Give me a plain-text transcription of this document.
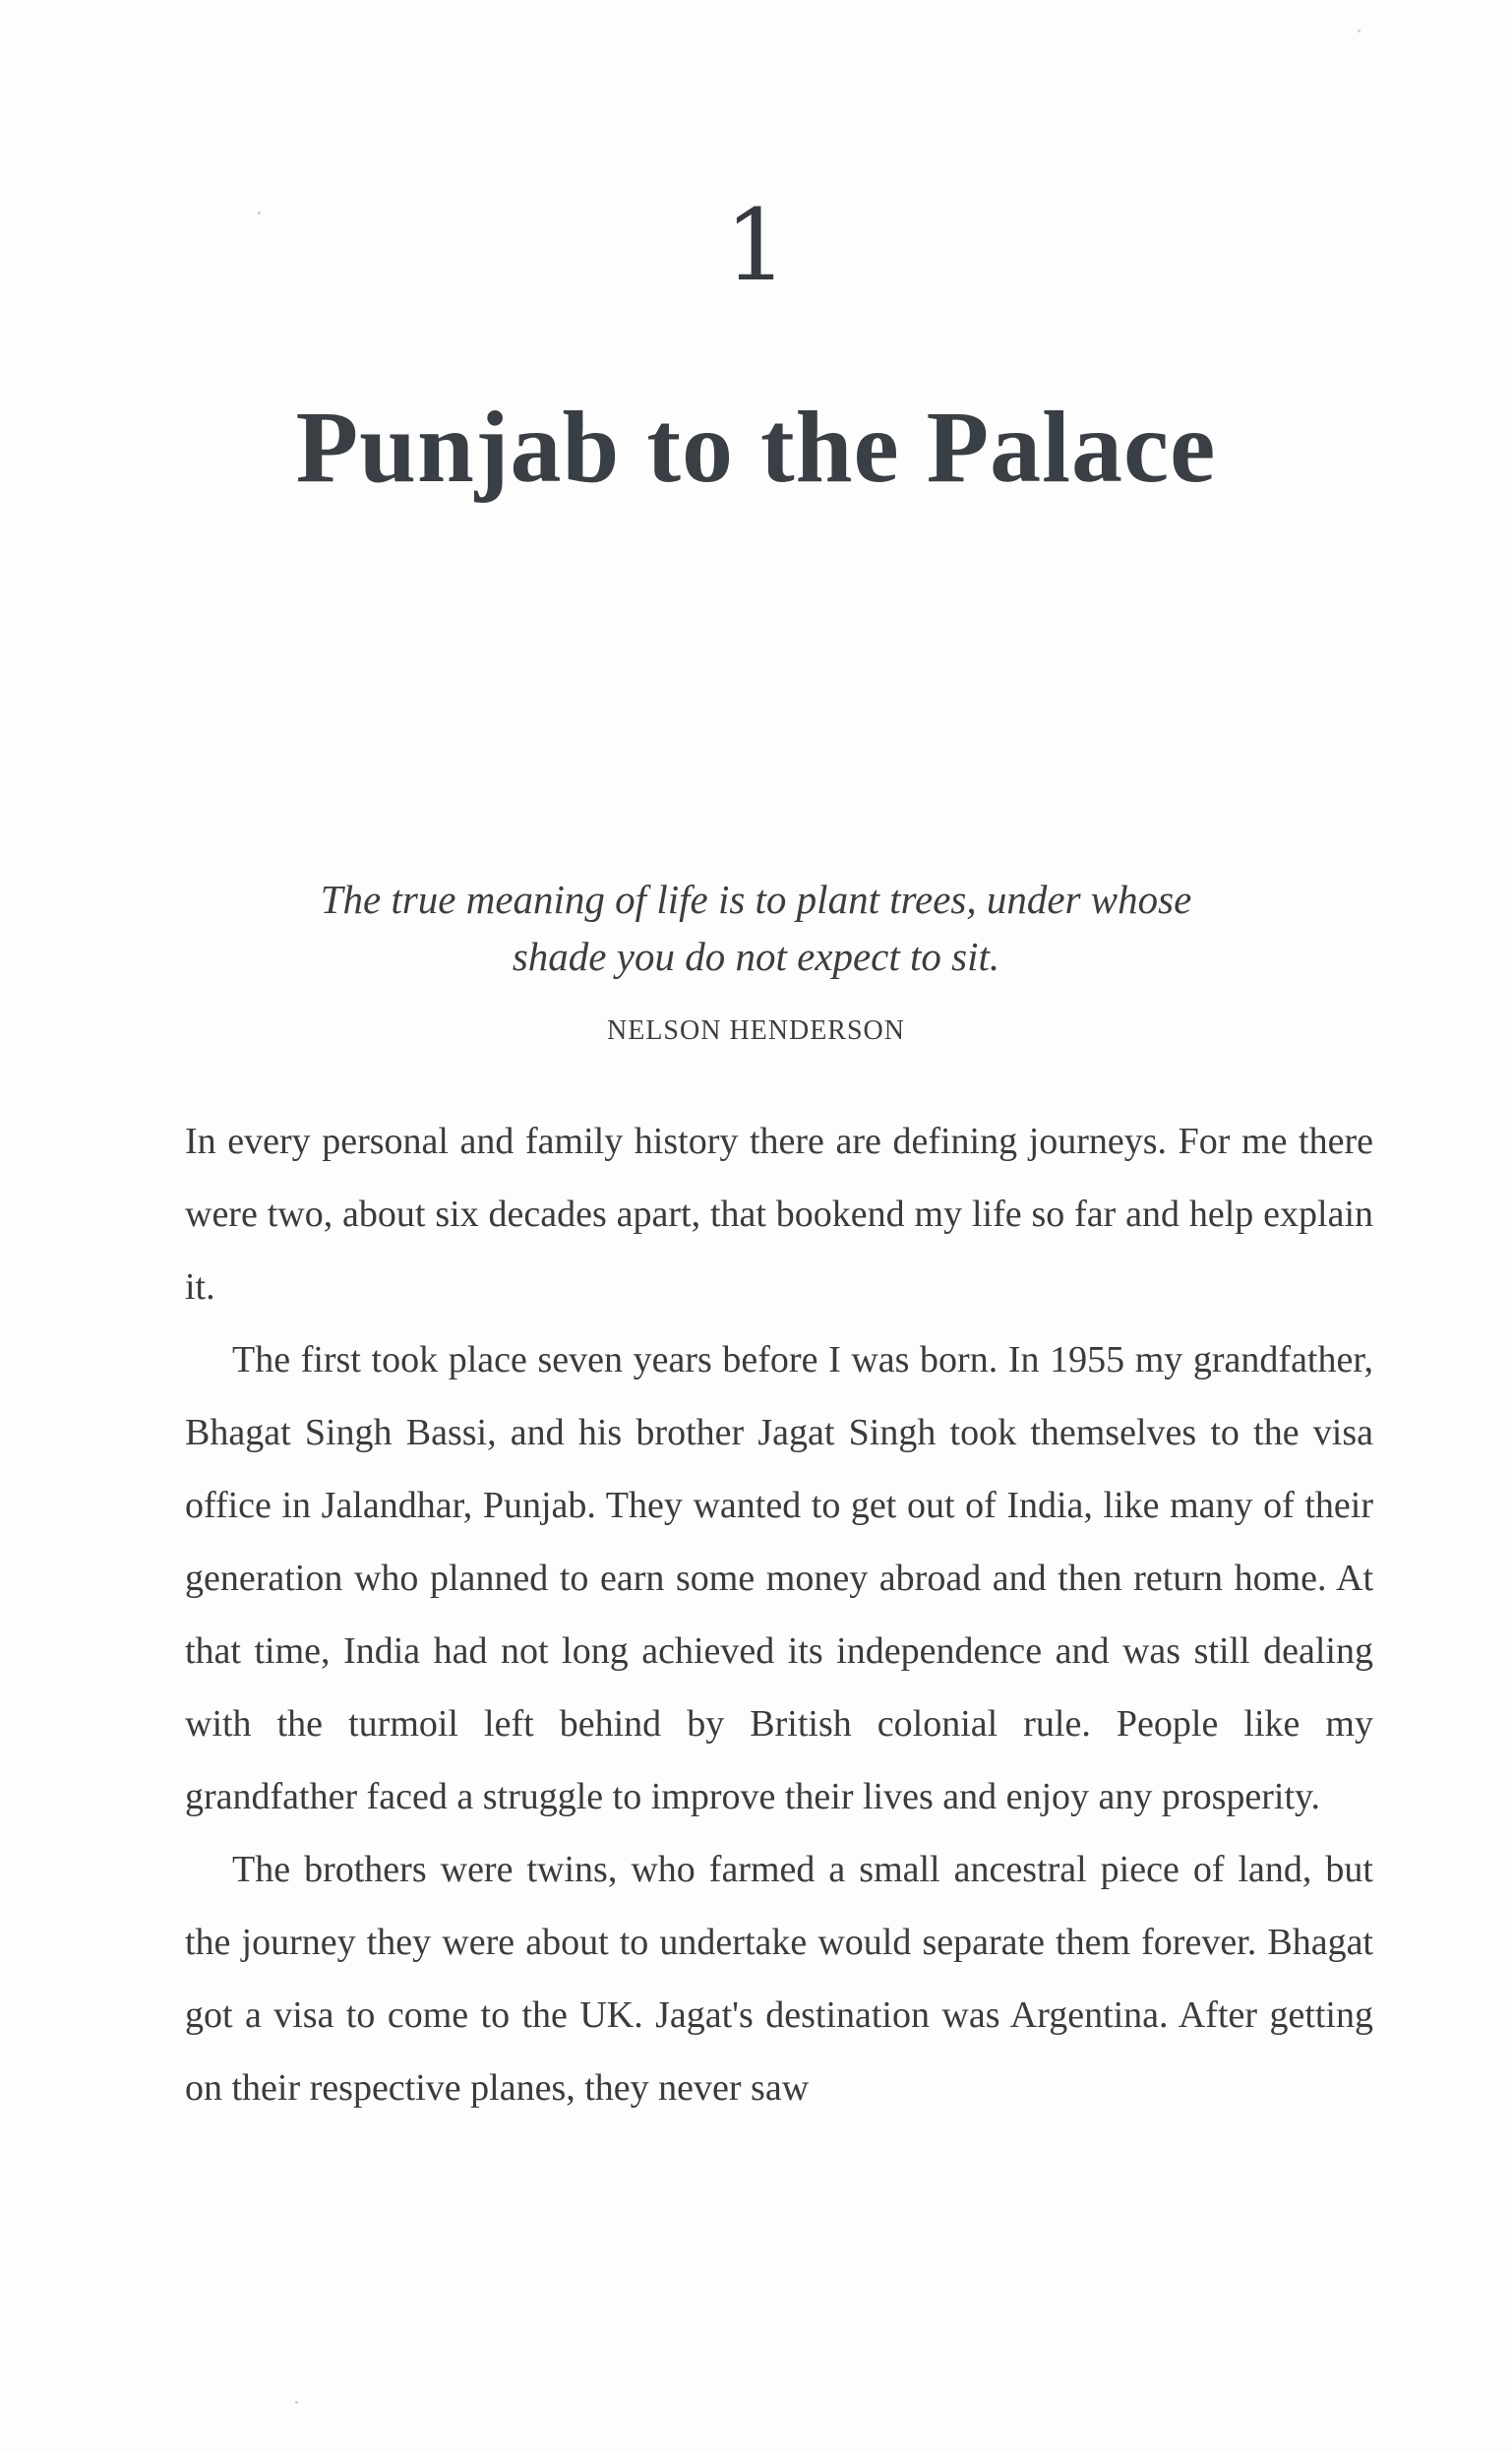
1
Punjab to the Palace
The true meaning of life is to plant trees, under whose
shade you do not expect to sit.
NELSON HENDERSON

In every personal and family history there are defining journeys. For me there were two, about six decades apart, that bookend my life so far and help explain it.

The first took place seven years before I was born. In 1955 my grandfather, Bhagat Singh Bassi, and his brother Jagat Singh took themselves to the visa office in Jalandhar, Punjab. They wanted to get out of India, like many of their generation who planned to earn some money abroad and then return home. At that time, India had not long achieved its independence and was still dealing with the turmoil left behind by British colonial rule. People like my grandfather faced a struggle to improve their lives and enjoy any prosperity.

The brothers were twins, who farmed a small ancestral piece of land, but the journey they were about to undertake would separate them forever. Bhagat got a visa to come to the UK. Jagat's destination was Argentina. After getting on their respective planes, they never saw
